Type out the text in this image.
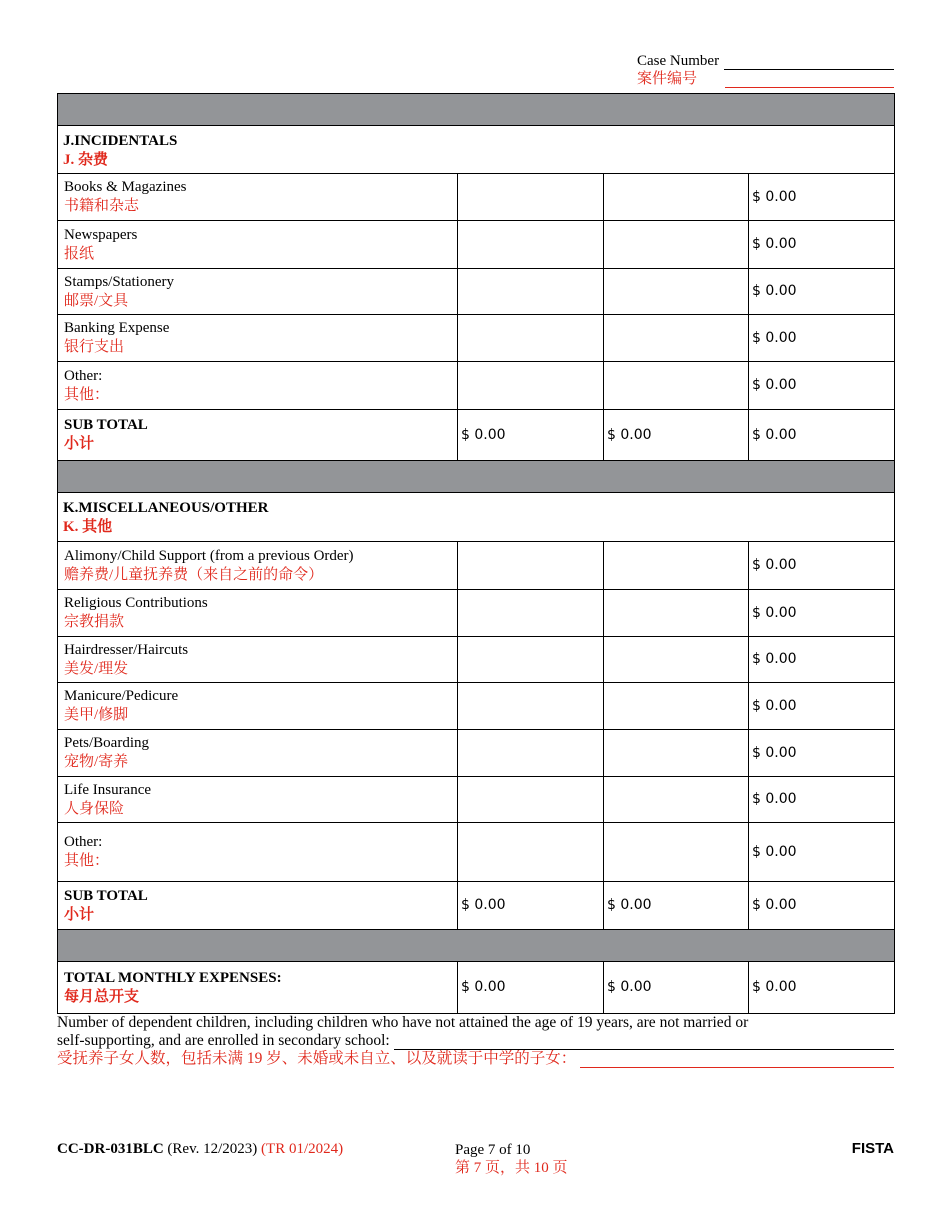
Case Number
案件编号

J.INCIDENTALS
J. 杂费			

Books & Magazines
书籍和杂志			$ 0.00

Newspapers
报纸			$ 0.00

Stamps/Stationery
邮票/文具			$ 0.00

Banking Expense
银行支出			$ 0.00

Other:
其他：			$ 0.00

SUB TOTAL
小计	$ 0.00	$ 0.00	$ 0.00

K.MISCELLANEOUS/OTHER
K. 其他			

Alimony/Child Support (from a previous Order)
赡养费/儿童抚养费（来自之前的命令）			$ 0.00

Religious Contributions
宗教捐款			$ 0.00

Hairdresser/Haircuts
美发/理发			$ 0.00

Manicure/Pedicure
美甲/修脚			$ 0.00

Pets/Boarding
宠物/寄养			$ 0.00

Life Insurance
人身保险			$ 0.00

Other:
其他：			$ 0.00

SUB TOTAL
小计	$ 0.00	$ 0.00	$ 0.00

TOTAL MONTHLY EXPENSES:
每月总开支	$ 0.00	$ 0.00	$ 0.00
Number of dependent children, including children who have not attained the age of 19 years, are not married or
self-supporting, and are enrolled in secondary school:
受抚养子女人数，包括未满 19 岁、未婚或未自立、以及就读于中学的子女：
CC-DR-031BLC (Rev. 12/2023) (TR 01/2024)	Page 7 of 10
第 7 页，共 10 页
FISTA
